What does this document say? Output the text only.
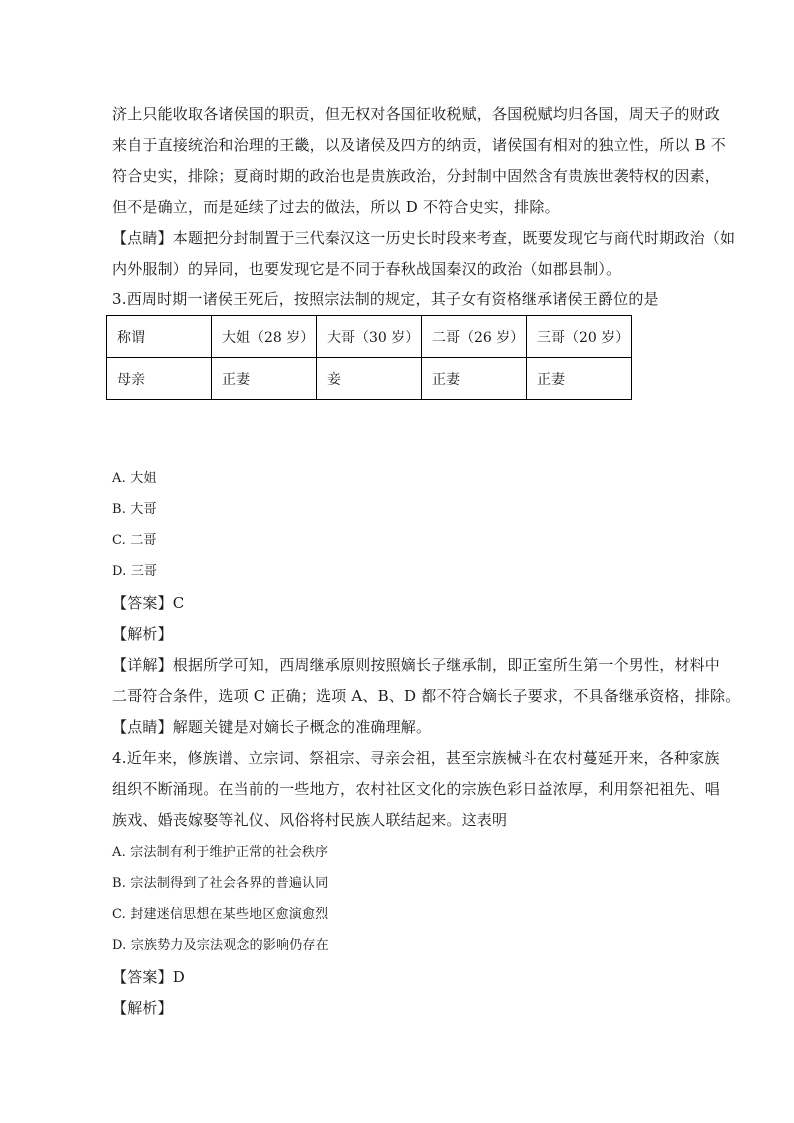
济上只能收取各诸侯国的职贡，但无权对各国征收税赋，各国税赋均归各国，周天子的财政
来自于直接统治和治理的王畿，以及诸侯及四方的纳贡，诸侯国有相对的独立性，所以 B 不
符合史实，排除；夏商时期的政治也是贵族政治，分封制中固然含有贵族世袭特权的因素，
但不是确立，而是延续了过去的做法，所以 D 不符合史实，排除。
【点睛】本题把分封制置于三代秦汉这一历史长时段来考查，既要发现它与商代时期政治（如
内外服制）的异同，也要发现它是不同于春秋战国秦汉的政治（如郡县制）。
3.西周时期一诸侯王死后，按照宗法制的规定，其子女有资格继承诸侯王爵位的是
称谓	大姐（28 岁）	大哥（30 岁）	二哥（26 岁）	三哥（20 岁）
母亲	正妻	妾	正妻	正妻
A. 大姐
B. 大哥
C. 二哥
D. 三哥
【答案】C
【解析】
【详解】根据所学可知，西周继承原则按照嫡长子继承制，即正室所生第一个男性，材料中
二哥符合条件，选项 C 正确；选项 A、B、D 都不符合嫡长子要求，不具备继承资格，排除。
【点睛】解题关键是对嫡长子概念的准确理解。
4.近年来，修族谱、立宗词、祭祖宗、寻亲会祖，甚至宗族械斗在农村蔓延开来，各种家族
组织不断涌现。在当前的一些地方，农村社区文化的宗族色彩日益浓厚，利用祭祀祖先、唱
族戏、婚丧嫁娶等礼仪、风俗将村民族人联结起来。这表明
A. 宗法制有利于维护正常的社会秩序
B. 宗法制得到了社会各界的普遍认同
C. 封建迷信思想在某些地区愈演愈烈
D. 宗族势力及宗法观念的影响仍存在
【答案】D
【解析】
